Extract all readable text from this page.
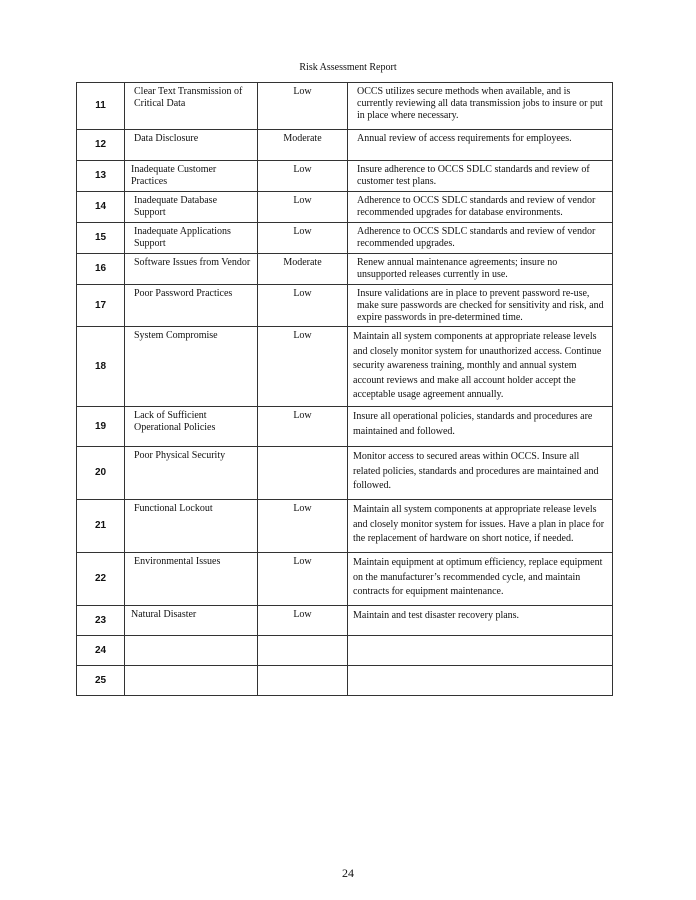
Risk Assessment Report
11	Clear Text Transmission of Critical Data	Low	OCCS utilizes secure methods when available, and is currently reviewing all data transmission jobs to insure or put in place where necessary.
12	Data Disclosure	Moderate	Annual review of access requirements for employees.
13	Inadequate Customer Practices	Low	Insure adherence to OCCS SDLC standards and review of customer test plans.
14	Inadequate Database Support	Low	Adherence to OCCS SDLC standards and review of vendor recommended upgrades for database environments.
15	Inadequate Applications Support	Low	Adherence to OCCS SDLC standards and review of vendor recommended upgrades.
16	Software Issues from Vendor	Moderate	Renew annual maintenance agreements; insure no unsupported releases currently in use.
17	Poor Password Practices	Low	Insure validations are in place to prevent password re-use, make sure passwords are checked for sensitivity and risk, and expire passwords in pre-determined time.
18	System Compromise	Low	Maintain all system components at appropriate release levels and closely monitor system for unauthorized access. Continue security awareness training, monthly and annual system account reviews and make all account holder accept the acceptable usage agreement annually.
19	Lack of Sufficient Operational Policies	Low	Insure all operational policies, standards and procedures are maintained and followed.
20	Poor Physical Security		Monitor access to secured areas within OCCS. Insure all related policies, standards and procedures are maintained and followed.
21	Functional Lockout	Low	Maintain all system components at appropriate release levels and closely monitor system for issues. Have a plan in place for the replacement of hardware on short notice, if needed.
22	Environmental Issues	Low	Maintain equipment at optimum efficiency, replace equipment on the manufacturer’s recommended cycle, and maintain contracts for equipment maintenance.
23	Natural Disaster	Low	Maintain and test disaster recovery plans.
24			
25			
24
